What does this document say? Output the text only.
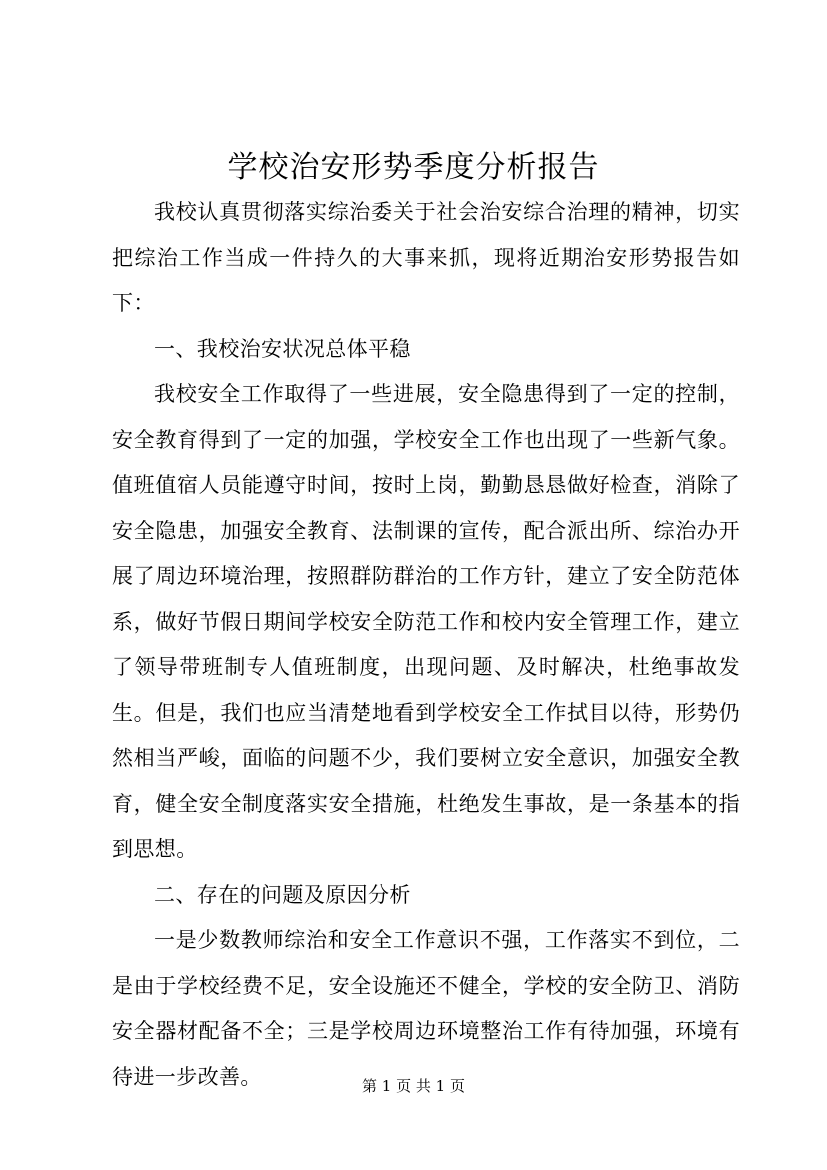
学校治安形势季度分析报告

我校认真贯彻落实综治委关于社会治安综合治理的精神，切实把综治工作当成一件持久的大事来抓，现将近期治安形势报告如下：

一、我校治安状况总体平稳

我校安全工作取得了一些进展，安全隐患得到了一定的控制，安全教育得到了一定的加强，学校安全工作也出现了一些新气象。值班值宿人员能遵守时间，按时上岗，勤勤恳恳做好检查，消除了安全隐患，加强安全教育、法制课的宣传，配合派出所、综治办开展了周边环境治理，按照群防群治的工作方针，建立了安全防范体系，做好节假日期间学校安全防范工作和校内安全管理工作，建立了领导带班制专人值班制度，出现问题、及时解决，杜绝事故发生。但是，我们也应当清楚地看到学校安全工作拭目以待，形势仍然相当严峻，面临的问题不少，我们要树立安全意识，加强安全教育，健全安全制度落实安全措施，杜绝发生事故，是一条基本的指到思想。

二、存在的问题及原因分析

一是少数教师综治和安全工作意识不强，工作落实不到位，二是由于学校经费不足，安全设施还不健全，学校的安全防卫、消防安全器材配备不全；三是学校周边环境整治工作有待加强，环境有待进一步改善。	第 1 页 共 1 页
